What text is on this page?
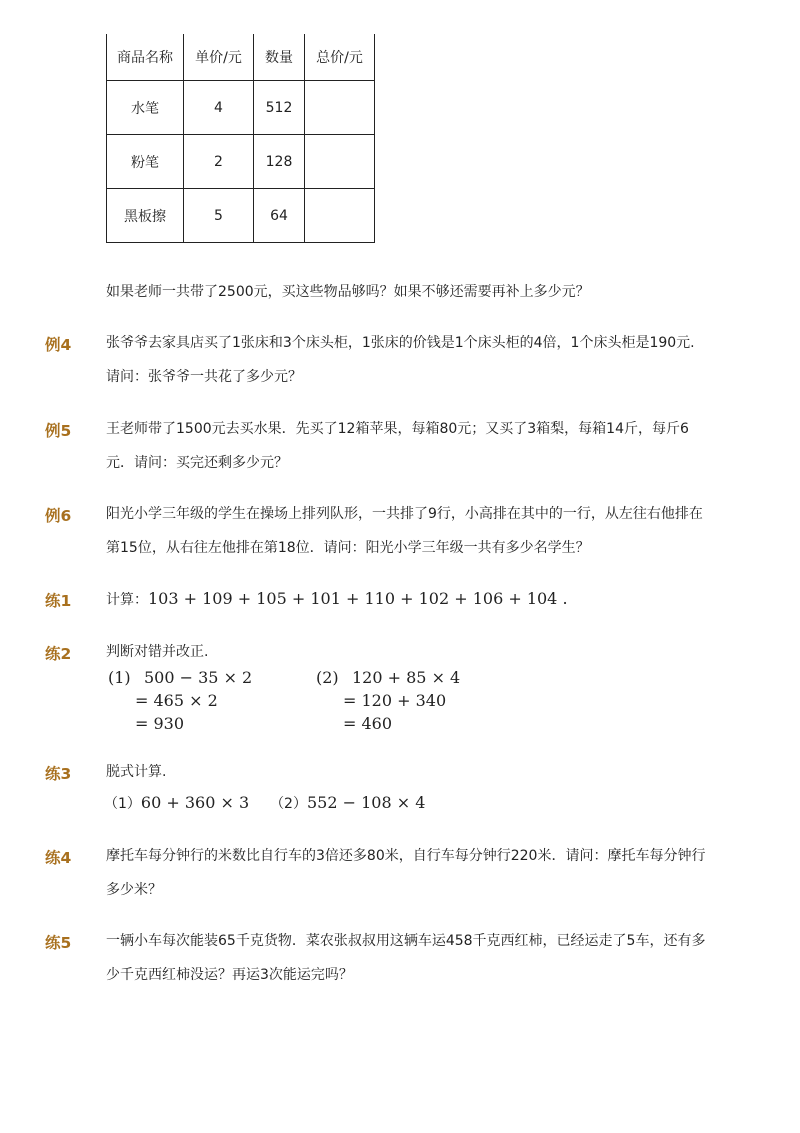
商品名称	单价/元	数量	总价/元
水笔	4	512	
粉笔	2	128	
黑板擦	5	64	
如果老师一共带了2500元，买这些物品够吗？如果不够还需要再补上多少元？
例4 张爷爷去家具店买了1张床和3个床头柜，1张床的价钱是1个床头柜的4倍，1个床头柜是190元.
请问：张爷爷一共花了多少元？
例5 王老师带了1500元去买水果．先买了12箱苹果，每箱80元；又买了3箱梨，每箱14斤，每斤6
元．请问：买完还剩多少元？
例6 阳光小学三年级的学生在操场上排列队形，一共排了9行，小高排在其中的一行，从左往右他排在
第15位，从右往左他排在第18位．请问：阳光小学三年级一共有多少名学生？
练1 计算：103 + 109 + 105 + 101 + 110 + 102 + 106 + 104 .
练2 判断对错并改正.
(1) 500 − 35 × 2
= 465 × 2
= 930
(2) 120 + 85 × 4
= 120 + 340
= 460
练3 脱式计算.
（1）60 + 360 × 3 （2）552 − 108 × 4
练4 摩托车每分钟行的米数比自行车的3倍还多80米，自行车每分钟行220米．请问：摩托车每分钟行
多少米？
练5 一辆小车每次能装65千克货物．菜农张叔叔用这辆车运458千克西红柿，已经运走了5车，还有多
少千克西红柿没运？再运3次能运完吗？
